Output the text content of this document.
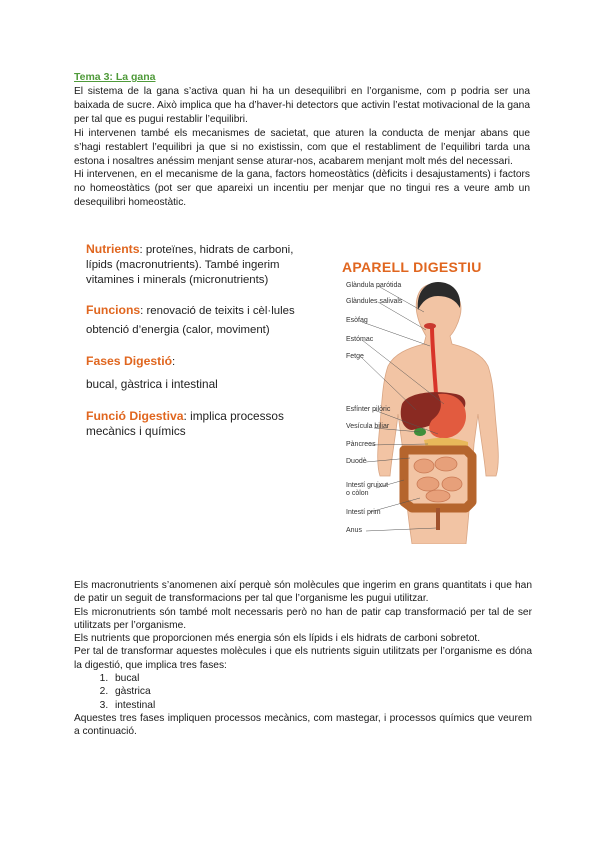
Tema 3: La gana

El sistema de la gana s’activa quan hi ha un desequilibri en l’organisme, com p podria ser una baixada de sucre. Això implica que ha d’haver-hi detectors que activin l’estat motivacional de la gana per tal que es pugui restablir l’equilibri.

Hi intervenen també els mecanismes de sacietat, que aturen la conducta de menjar abans que s’hagi restablert l’equilibri ja que si no existissin, com que el restabliment de l’equilibri tarda una estona i nosaltres anéssim menjant sense aturar-nos, acabarem menjant molt més del necessari.

Hi intervenen, en el mecanisme de la gana, factors homeostàtics (dèficits i desajustaments) i factors no homeostàtics (pot ser que apareixi un incentiu per menjar que no tingui res a veure amb un desequilibri homeostàtic.

Nutrients: proteïnes, hidrats de carboni, lípids (macronutrients). També ingerim vitamines i minerals (micronutrients)
Funcions: renovació de teixits i cèl·lules
obtenció d’energia (calor, moviment)
Fases Digestió:
bucal, gàstrica i intestinal
Funció Digestiva: implica processos mecànics i químics
APARELL DIGESTIU
Glàndula parótida
Glàndules salivals
Esòfag
Estómac
Fetge
Esfínter pilòric
Vesícula biliar
Pàncrees
Duodè
Intestí gruixut o còlon
Intestí prim
Anus

Els macronutrients s’anomenen així perquè són molècules que ingerim en grans quantitats i que han de patir un seguit de transformacions per tal que l’organisme les pugui utilitzar.

Els micronutrients són també molt necessaris però no han de patir cap transformació per tal de ser utilitzats per l’organisme.

Els nutrients que proporcionen més energia són els lípids i els hidrats de carboni sobretot.

Per tal de transformar aquestes molècules i que els nutrients siguin utilitzats per l’organisme es dóna la digestió, que implica tres fases:

1. bucal
2. gàstrica
3. intestinal

Aquestes tres fases impliquen processos mecànics, com mastegar, i processos químics que veurem a continuació.
